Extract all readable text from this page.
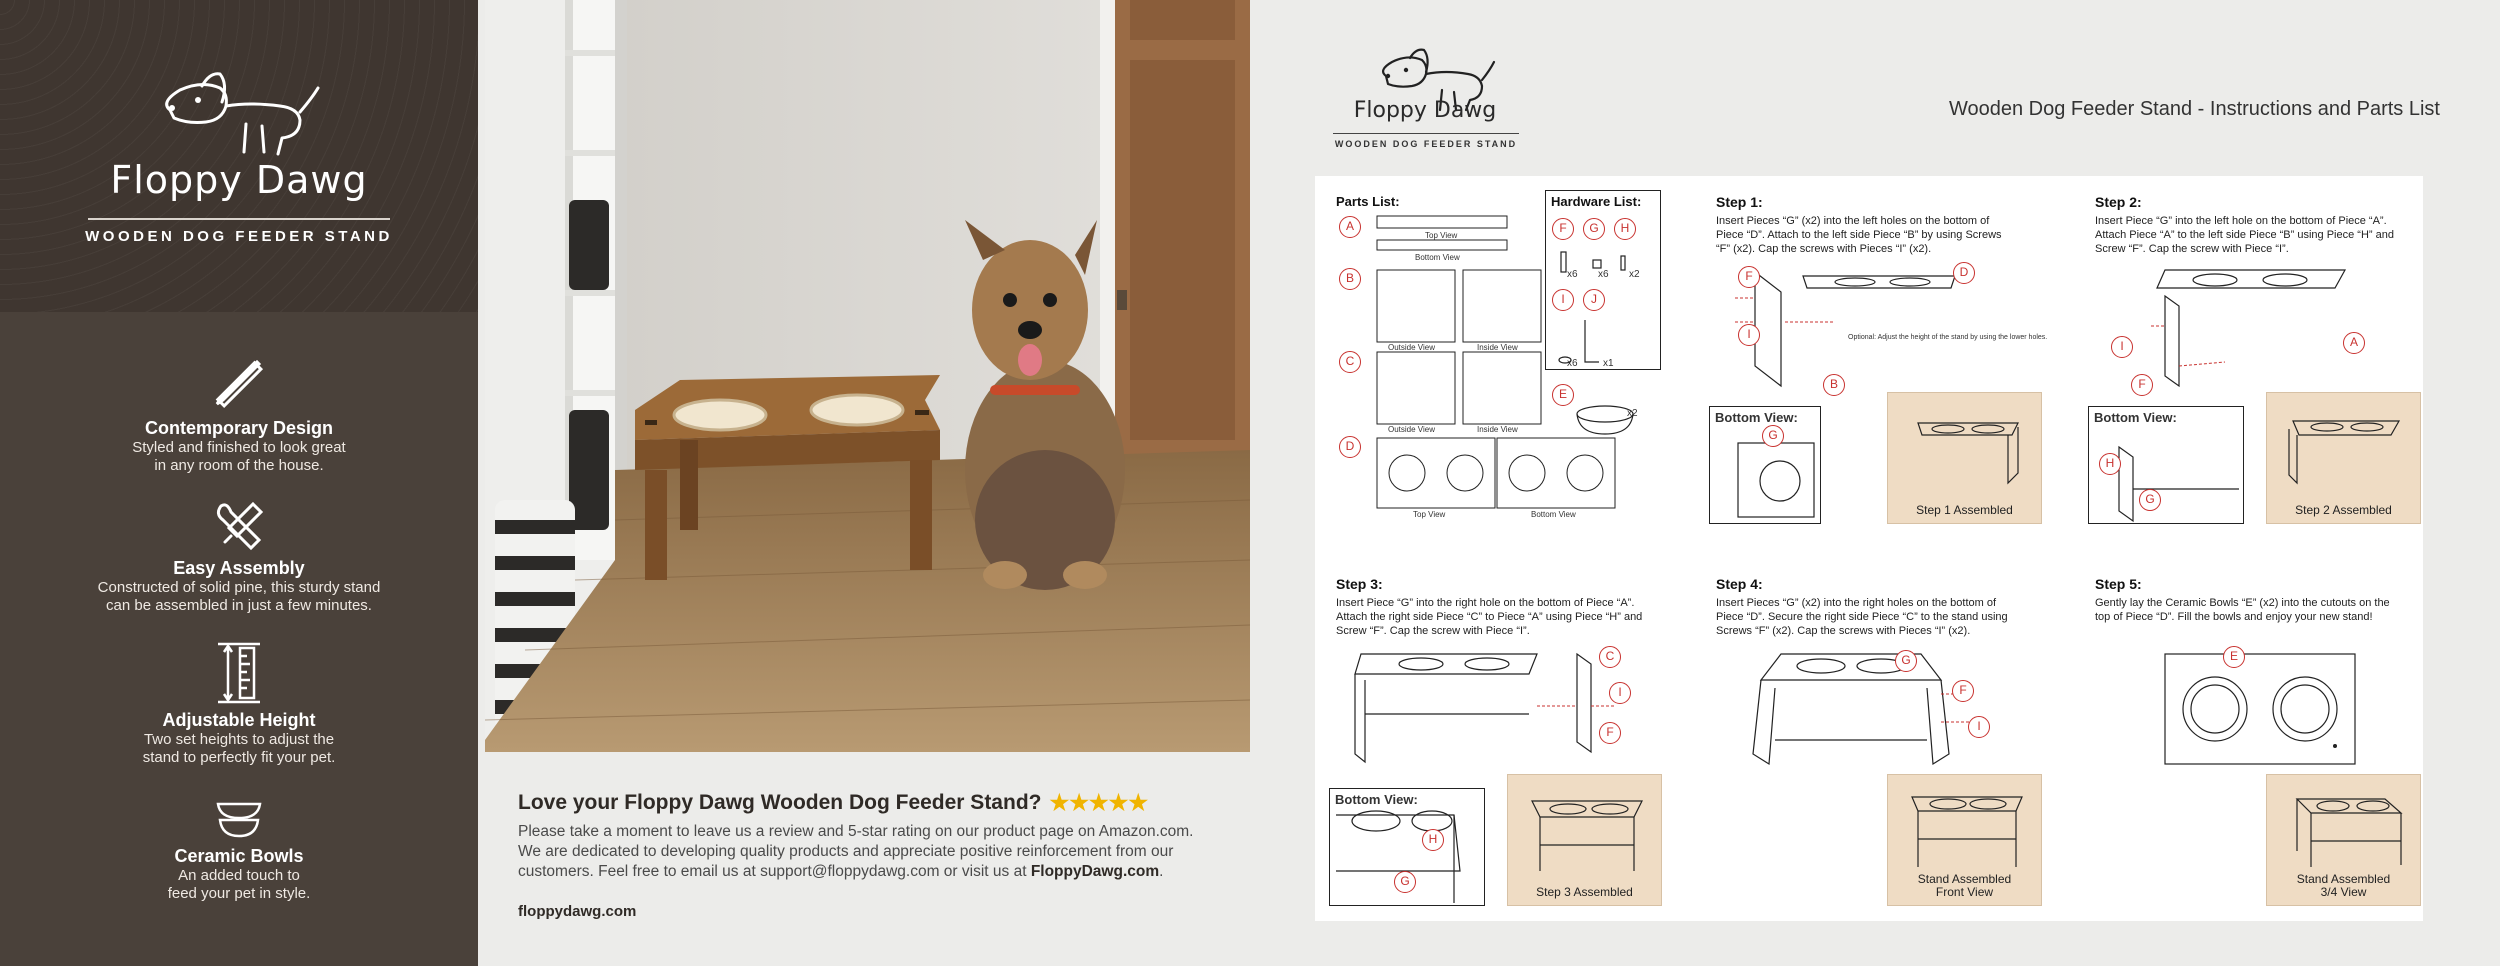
Floppy Dawg
WOODEN DOG FEEDER STAND
Contemporary Design
Styled and finished to look great
in any room of the house.
Easy Assembly
Constructed of solid pine, this sturdy stand
can be assembled in just a few minutes.
Adjustable Height
Two set heights to adjust the
stand to perfectly fit your pet.
Ceramic Bowls
An added touch to
feed your pet in style.
Love your Floppy Dawg Wooden Dog Feeder Stand? ★★★★★
Please take a moment to leave us a review and 5-star rating on our product page on Amazon.com.
We are dedicated to developing quality products and appreciate positive reinforcement from our
customers. Feel free to email us at support@floppydawg.com or visit us at FloppyDawg.com.
floppydawg.com
Floppy Dawg
WOODEN DOG FEEDER STAND
Wooden Dog Feeder Stand - Instructions and Parts List
Parts List:
A
B
C
D
Top View
Bottom View
Outside View	Inside View
Outside View	Inside View
Top View	Bottom View
Hardware List:
F	G	H
x6 x6 x2
I	J
x6	x1
E
x2
Step 1:
Insert Pieces “G” (x2) into the left holes on the bottom of Piece “D”. Attach to the left side Piece “B” by using Screws “F” (x2). Cap the screws with Pieces “I” (x2).
F
I
B
D
Optional: Adjust the height of the stand by using the lower holes.
Bottom View:
G
Step 1 Assembled
Step 2:
Insert Piece “G” into the left hole on the bottom of Piece “A”. Attach Piece “A” to the left side Piece “B” using Piece “H” and Screw “F”. Cap the screw with Piece “I”.
I
F
A
Bottom View:
H
G
Step 2 Assembled
Step 3:
Insert Piece “G” into the right hole on the bottom of Piece “A”. Attach the right side Piece “C” to Piece “A” using Piece “H” and Screw “F”. Cap the screw with Piece “I”.
C
I
F
Bottom View:
H
G
Step 3 Assembled
Step 4:
Insert Pieces “G” (x2) into the right holes on the bottom of Piece “D”. Secure the right side Piece “C” to the stand using Screws “F” (x2). Cap the screws with Pieces “I” (x2).
G
F
I
Stand Assembled
Front View
Step 5:
Gently lay the Ceramic Bowls “E” (x2) into the cutouts on the top of Piece “D”. Fill the bowls and enjoy your new stand!
E
Stand Assembled
3/4 View
